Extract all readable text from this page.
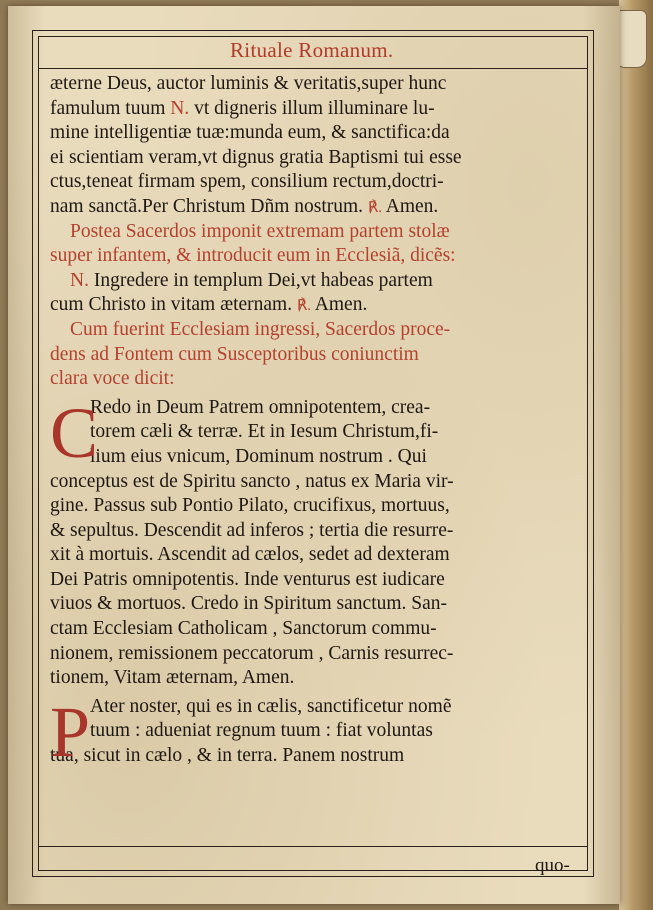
Rituale Romanum.
æterne Deus, auctor luminis & veritatis,super hunc
famulum tuum N. vt digneris illum illuminare lu-
mine intelligentiæ tuæ:munda eum, & sanctifica:da
ei scientiam veram,vt dignus gratia Baptismi tui esse
ctus,teneat firmam spem, consilium rectum,doctri-
nam sanctã.Per Christum Dñm nostrum. ℟. Amen.
Postea Sacerdos imponit extremam partem stolæ
super infantem, & introducit eum in Ecclesiã, dicẽs:
N. Ingredere in templum Dei,vt habeas partem
cum Christo in vitam æternam. ℟. Amen.
Cum fuerint Ecclesiam ingressi, Sacerdos proce-
dens ad Fontem cum Susceptoribus coniunctim
clara voce dicit:
C
Redo in Deum Patrem omnipotentem, crea-
torem cæli & terræ. Et in Iesum Christum,fi-
lium eius vnicum, Dominum nostrum . Qui
conceptus est de Spiritu sancto , natus ex Maria vir-
gine. Passus sub Pontio Pilato, crucifixus, mortuus,
& sepultus. Descendit ad inferos ; tertia die resurre-
xit à mortuis. Ascendit ad cælos, sedet ad dexteram
Dei Patris omnipotentis. Inde venturus est iudicare
viuos & mortuos. Credo in Spiritum sanctum. San-
ctam Ecclesiam Catholicam , Sanctorum commu-
nionem, remissionem peccatorum , Carnis resurrec-
tionem, Vitam æternam, Amen.
P Ater noster, qui es in cælis, sanctificetur nomẽ
tuum : adueniat regnum tuum : fiat voluntas
tua, sicut in cælo , & in terra. Panem nostrum
quo-
